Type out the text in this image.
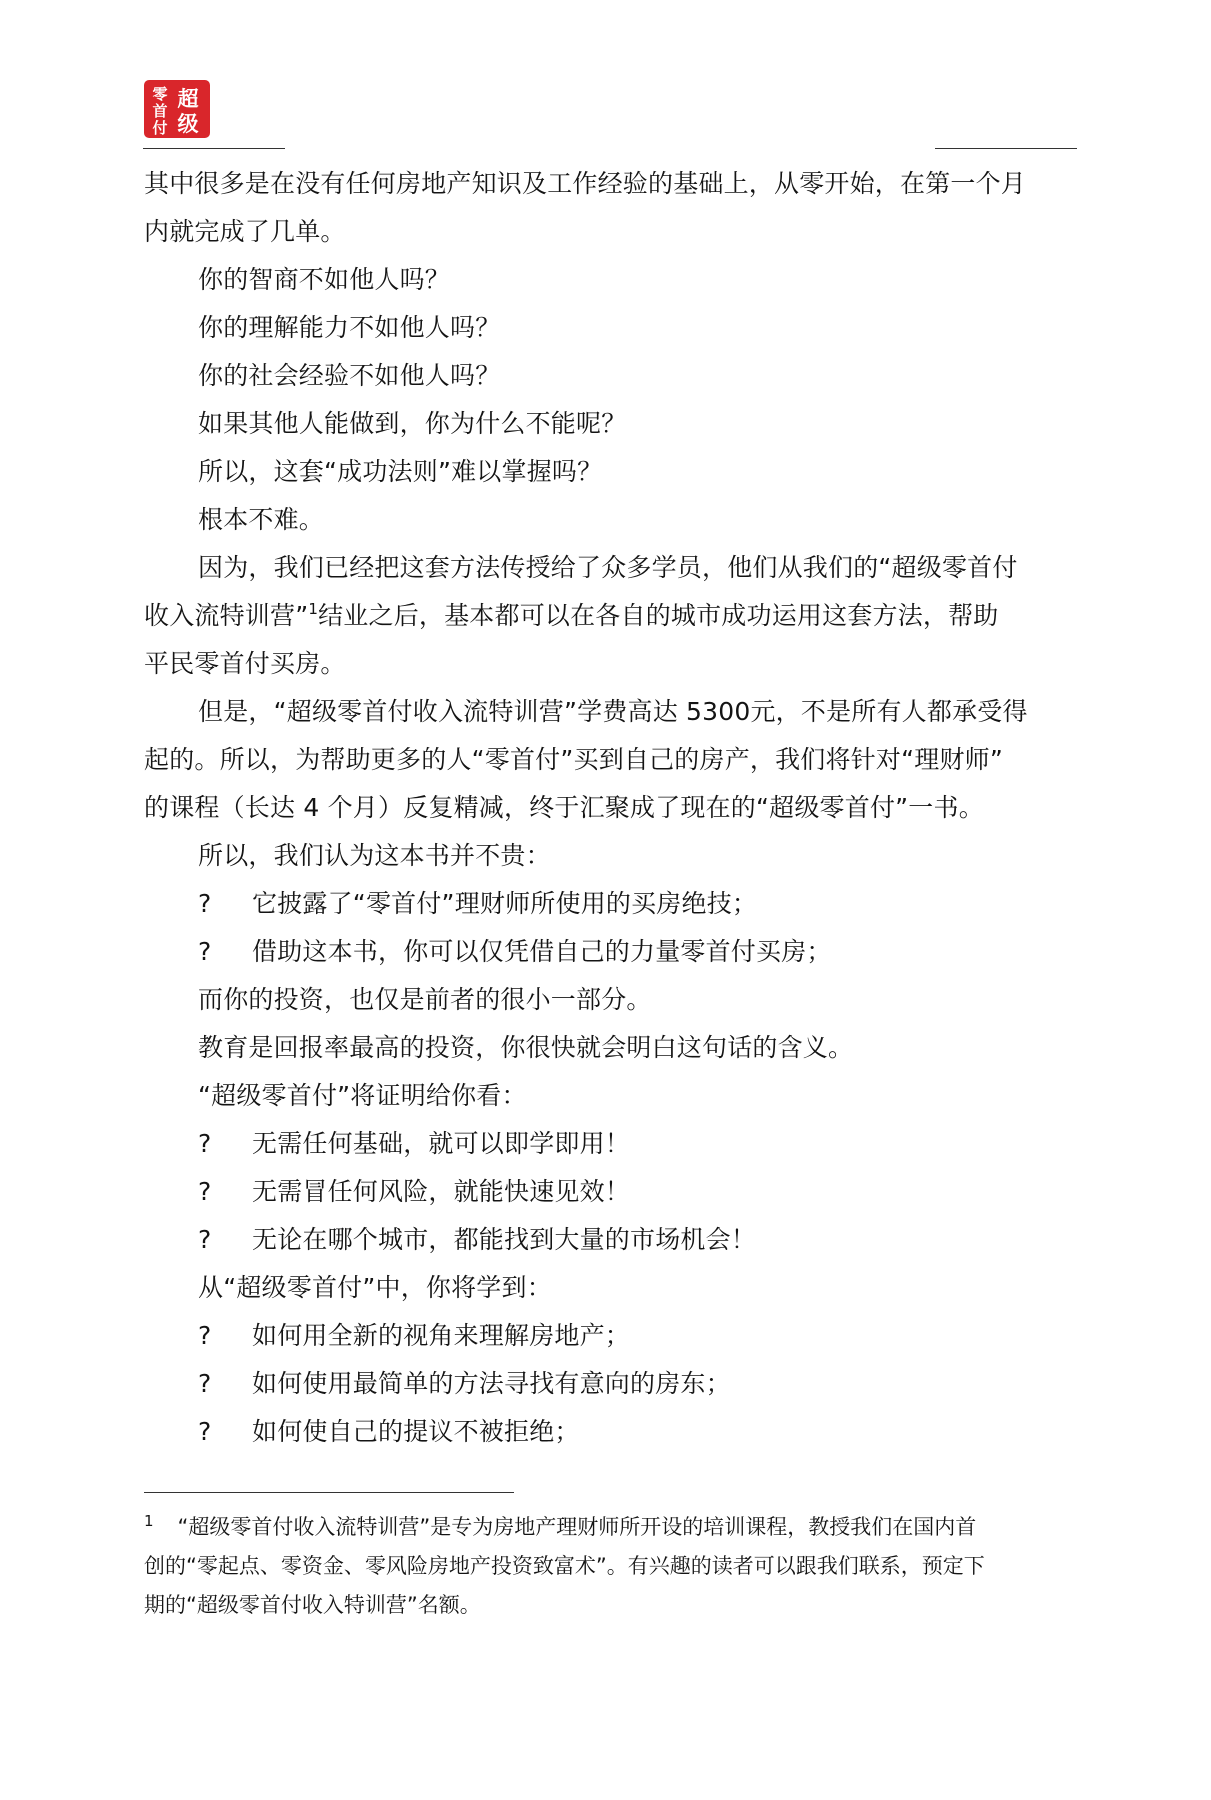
超
级
零
首
付

其中很多是在没有任何房地产知识及工作经验的基础上，从零开始，在第一个月

内就完成了几单。

你的智商不如他人吗？

你的理解能力不如他人吗？

你的社会经验不如他人吗？

如果其他人能做到，你为什么不能呢？

所以，这套“成功法则”难以掌握吗？

根本不难。

因为，我们已经把这套方法传授给了众多学员，他们从我们的“超级零首付

收入流特训营”$^1$结业之后，基本都可以在各自的城市成功运用这套方法，帮助

平民零首付买房。

但是，“超级零首付收入流特训营”学费高达 5300元，不是所有人都承受得

起的。所以，为帮助更多的人“零首付”买到自己的房产，我们将针对“理财师”

的课程（长达 4 个月）反复精减，终于汇聚成了现在的“超级零首付”一书。

所以，我们认为这本书并不贵：

? 它披露了“零首付”理财师所使用的买房绝技；

? 借助这本书，你可以仅凭借自己的力量零首付买房；

而你的投资，也仅是前者的很小一部分。

教育是回报率最高的投资，你很快就会明白这句话的含义。

“超级零首付”将证明给你看：

? 无需任何基础，就可以即学即用！

? 无需冒任何风险，就能快速见效！

? 无论在哪个城市，都能找到大量的市场机会！

从“超级零首付”中，你将学到：

? 如何用全新的视角来理解房地产；

? 如何使用最简单的方法寻找有意向的房东；

? 如何使自己的提议不被拒绝；

$^1$ “超级零首付收入流特训营”是专为房地产理财师所开设的培训课程，教授我们在国内首

创的“零起点、零资金、零风险房地产投资致富术”。有兴趣的读者可以跟我们联系，预定下

期的“超级零首付收入特训营”名额。
